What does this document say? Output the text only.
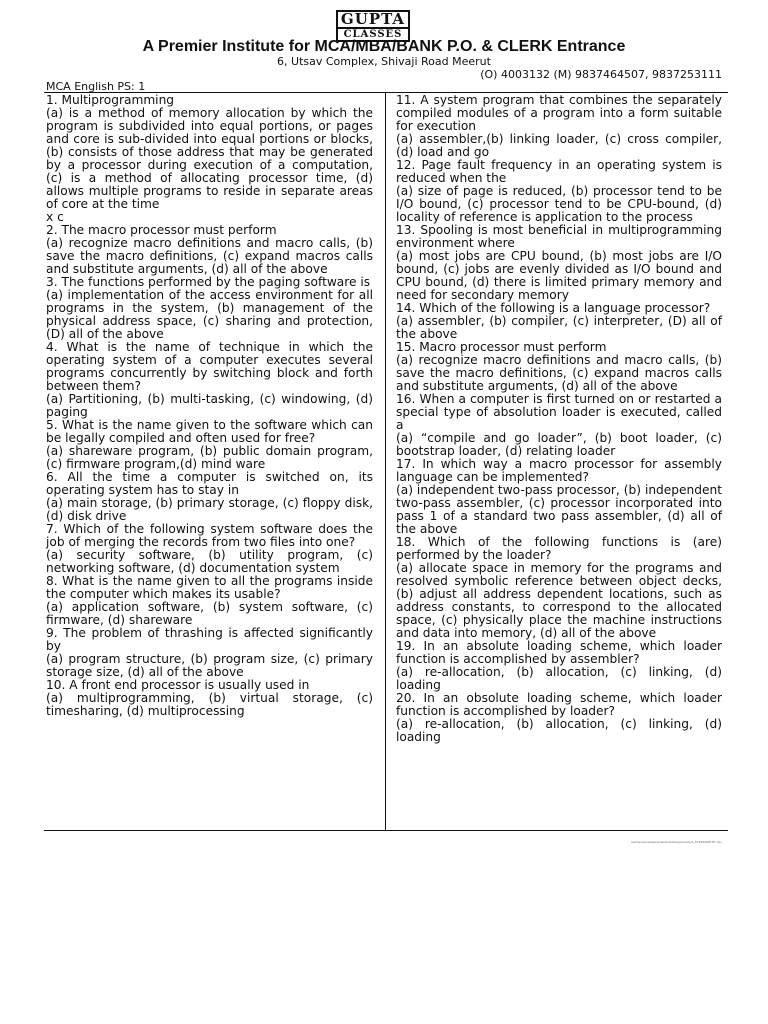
GUPTA
CLASSES
A Premier Institute for MCA/MBA/BANK P.O. & CLERK Entrance
6, Utsav Complex, Shivaji Road Meerut
(O) 4003132 (M) 9837464507, 9837253111
MCA English PS: 1

1. Multiprogramming

(a) is a method of memory allocation by which the program is subdivided into equal portions, or pages and core is sub-divided into equal portions or blocks, (b) consists of those address that may be generated by a processor during execution of a computation, (c) is a method of allocating processor time, (d) allows multiple programs to reside in separate areas of core at the time

x c

2. The macro processor must perform

(a) recognize macro definitions and macro calls, (b) save the macro definitions, (c) expand macros calls and substitute arguments, (d) all of the above

3. The functions performed by the paging software is

(a) implementation of the access environment for all programs in the system, (b) management of the physical address space, (c) sharing and protection, (D) all of the above

4. What is the name of technique in which the operating system of a computer executes several programs concurrently by switching block and forth between them?

(a) Partitioning, (b) multi-tasking, (c) windowing, (d) paging

5. What is the name given to the software which can be legally compiled and often used for free?

(a) shareware program, (b) public domain program, (c) firmware program,(d) mind ware

6. All the time a computer is switched on, its operating system has to stay in

(a) main storage, (b) primary storage, (c) floppy disk, (d) disk drive

7. Which of the following system software does the job of merging the records from two files into one?

(a) security software, (b) utility program, (c) networking software, (d) documentation system

8. What is the name given to all the programs inside the computer which makes its usable?

(a) application software, (b) system software, (c) firmware, (d) shareware

9. The problem of thrashing is affected significantly by

(a) program structure, (b) program size, (c) primary storage size, (d) all of the above

10. A front end processor is usually used in

(a) multiprogramming, (b) virtual storage, (c) timesharing, (d) multiprocessing

11. A system program that combines the separately compiled modules of a program into a form suitable for execution

(a) assembler,(b) linking loader, (c) cross compiler, (d) load and go

12. Page fault frequency in an operating system is reduced when the

(a) size of page is reduced, (b) processor tend to be I/O bound, (c) processor tend to be CPU-bound, (d) locality of reference is application to the process

13. Spooling is most beneficial in multiprogramming environment where

(a) most jobs are CPU bound, (b) most jobs are I/O bound, (c) jobs are evenly divided as I/O bound and CPU bound, (d) there is limited primary memory and need for secondary memory

14. Which of the following is a language processor?

(a) assembler, (b) compiler, (c) interpreter, (D) all of the above

15. Macro processor must perform

(a) recognize macro definitions and macro calls, (b) save the macro definitions, (c) expand macros calls and substitute arguments, (d) all of the above

16. When a computer is first turned on or restarted a special type of absolution loader is executed, called a

(a) “compile and go loader”, (b) boot loader, (c) bootstrap loader, (d) relating loader

17. In which way a macro processor for assembly language can be implemented?

(a) independent two-pass processor, (b) independent two-pass assembler, (c) processor incorporated into pass 1 of a standard two pass assembler, (d) all of the above

18. Which of the following functions is (are) performed by the loader?

(a) allocate space in memory for the programs and resolved symbolic reference between object decks, (b) adjust all address dependent locations, such as address constants, to correspond to the allocated space, (c) physically place the machine instructions and data into memory, (d) all of the above

19. In an absolute loading scheme, which loader function is accomplished by assembler?

(a) re-allocation, (b) allocation, (c) linking, (d) loading

20. In an obsolute loading scheme, which loader function is accomplished by loader?

(a) re-allocation, (b) allocation, (c) linking, (d) loading

/someuser/papers/seminar/temp/scrolls/s_33309699187.doc
